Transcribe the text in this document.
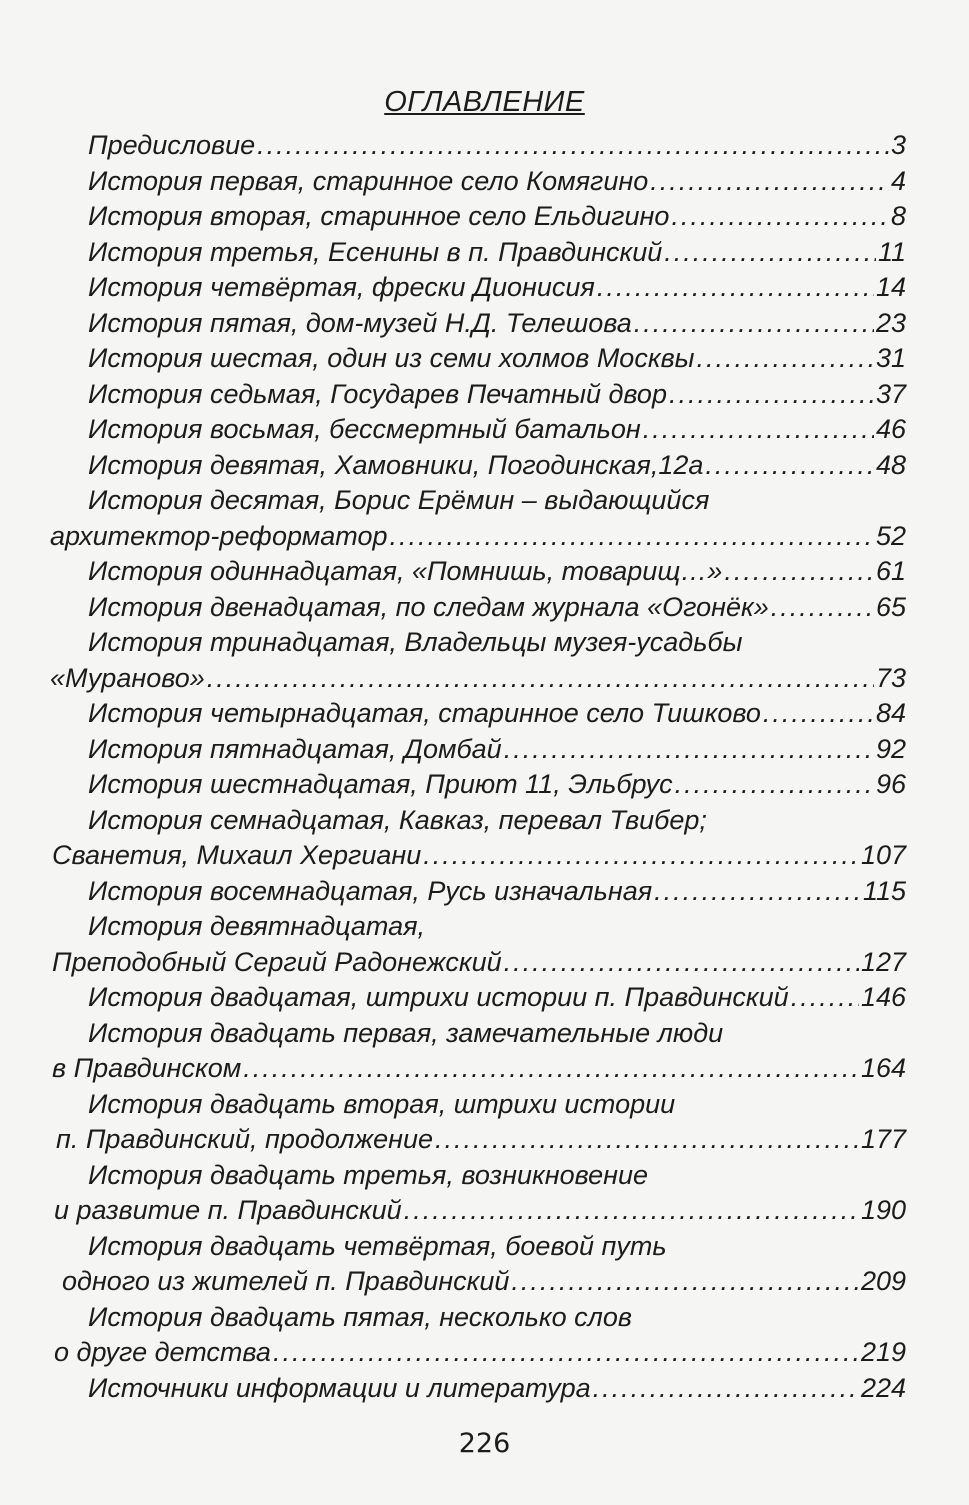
ОГЛАВЛЕНИЕ
Предисловие .....	3
История первая, старинное село Комягино .....	4
История вторая, старинное село Ельдигино .....	8
История третья, Есенины в п. Правдинский .....	11
История четвёртая, фрески Дионисия .....	14
История пятая, дом-музей Н.Д. Телешова .....	23
История шестая, один из семи холмов Москвы .....	31
История седьмая, Государев Печатный двор .....	37
История восьмая, бессмертный батальон .....	46
История девятая, Хамовники, Погодинская,12а .....	48
История десятая, Борис Ерёмин – выдающийся
архитектор-реформатор .....	52
История одиннадцатая, «Помнишь, товарищ…» .....	61
История двенадцатая, по следам журнала «Огонёк» .....	65
История тринадцатая, Владельцы музея-усадьбы
«Мураново» .....	73
История четырнадцатая, старинное село Тишково .....	84
История пятнадцатая, Домбай .....	92
История шестнадцатая, Приют 11, Эльбрус .....	96
История семнадцатая, Кавказ, перевал Твибер;
Сванетия, Михаил Хергиани .....	107
История восемнадцатая, Русь изначальная .....	115
История девятнадцатая,
Преподобный Сергий Радонежский .....	127
История двадцатая, штрихи истории п. Правдинский .....	146
История двадцать первая, замечательные люди
в Правдинском .....	164
История двадцать вторая, штрихи истории
п. Правдинский, продолжение .....	177
История двадцать третья, возникновение
и развитие п. Правдинский .....	190
История двадцать четвёртая, боевой путь
одного из жителей п. Правдинский .....	209
История двадцать пятая, несколько слов
о друге детства .....	219
Источники информации и литература .....	224
226
